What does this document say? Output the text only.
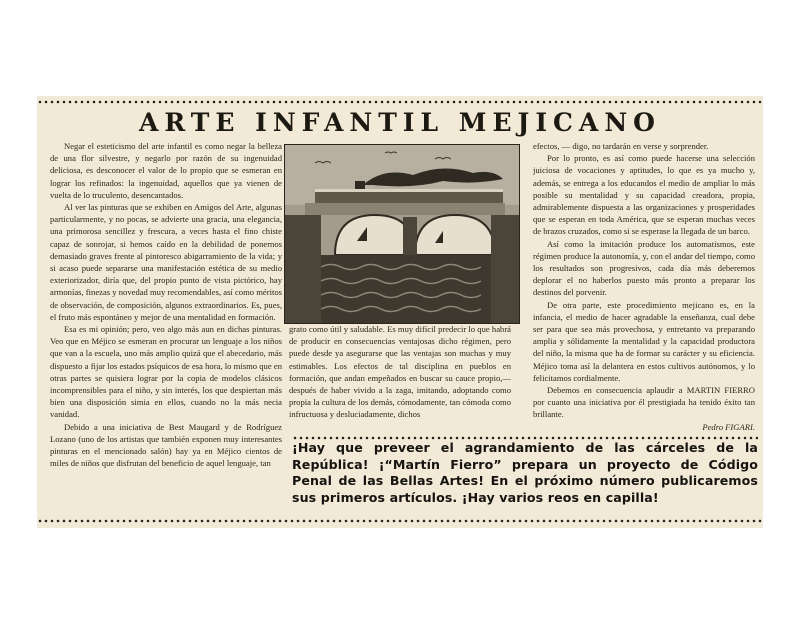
ARTE INFANTIL MEJICANO

Negar el esteticismo del arte infantil es como negar la belleza de una flor silvestre, y negarlo por razón de su ingenuidad deliciosa, es desconocer el valor de lo propio que se esmeran en lograr los refinados: la ingenuidad, aquellos que ya vienen de vuelta de lo truculento, desencantados.

Al ver las pinturas que se exhiben en Amigos del Arte, algunas particularmente, y no pocas, se advierte una gracia, una elegancia, una primorosa sencillez y frescura, a veces hasta el fino chiste capaz de sonrojar, si hemos caído en la debilidad de ponernos demasiado graves frente al pintoresco abigarramiento de la vida; y si acaso puede separarse una manifestación estética de su medio exteriorizador, diría que, del propio punto de vista pictórico, hay armonías, finezas y novedad muy recomendables, así como méritos de observación, de composición, algunos extraordinarios. Es, pues, el fruto más espontáneo y mejor de una mentalidad en formación.

Esa es mi opinión; pero, veo algo más aun en dichas pinturas. Veo que en Méjico se esmeran en procurar un lenguaje a los niños que van a la escuela, uno más amplio quizá que el abecedario, más dispuesto a fijar los estados psíquicos de esa hora, lo mismo que en otras partes se quisiera lograr por la copia de modelos clásicos incomprensibles para el niño, y sin interés, los que despiertan más bien una disposición simia en ellos, cuando no la más necia vanidad.

Debido a una iniciativa de Best Maugard y de Rodríguez Lozano (uno de los artistas que también exponen muy interesantes pinturas en el mencionado salón) hay ya en Méjico cientos de miles de niños que disfrutan del beneficio de aquel lenguaje, tan

grato como útil y saludable. Es muy difícil predecir lo que habrá de producir en consecuencias ventajosas dicho régimen, pero puede desde ya asegurarse que las ventajas son muchas y muy estimables. Los efectos de tal disciplina en pueblos en formación, que andan empeñados en buscar su cauce propio,—después de haber vivido a la zaga, imitando, adoptando como propia la cultura de los demás, cómodamente, tan cómoda como infructuosa y desluciadamente, dichos

efectos, — digo, no tardarán en verse y sorprender.

Por lo pronto, es así como puede hacerse una selección juiciosa de vocaciones y aptitudes, lo que es ya mucho y, además, se entrega a los educandos el medio de ampliar lo más posible su mentalidad y su capacidad creadora, propia, admirablemente dispuesta a las organizaciones y prosperidades que se esperan en toda América, que se esperan muchas veces de brazos cruzados, como si se esperase la llegada de un barco.

Así como la imitación produce los automatismos, este régimen produce la autonomía, y, con el andar del tiempo, como los resultados son progresivos, cada día más deberemos deplorar el no haberlos puesto más pronto a preparar los destinos del porvenir.

De otra parte, este procedimiento mejicano es, en la infancia, el medio de hacer agradable la enseñanza, cual debe ser para que sea más provechosa, y entretanto va preparando amplia y sólidamente la mentalidad y la capacidad productora del niño, la misma que ha de formar su carácter y su eficiencia. Méjico toma así la delantera en estos cultivos autónomos, y lo felicitamos cordialmente.

Debemos en consecuencia aplaudir a MARTIN FIERRO por cuanto una iniciativa por él prestigiada ha tenido éxito tan brillante.

Pedro FIGARI.

¡Hay que preveer el agrandamiento de las cárceles de la República! ¡“Martín Fierro” prepara un proyecto de Código Penal de las Bellas Artes! En el próximo número publicaremos sus primeros artículos. ¡Hay varios reos en capilla!
